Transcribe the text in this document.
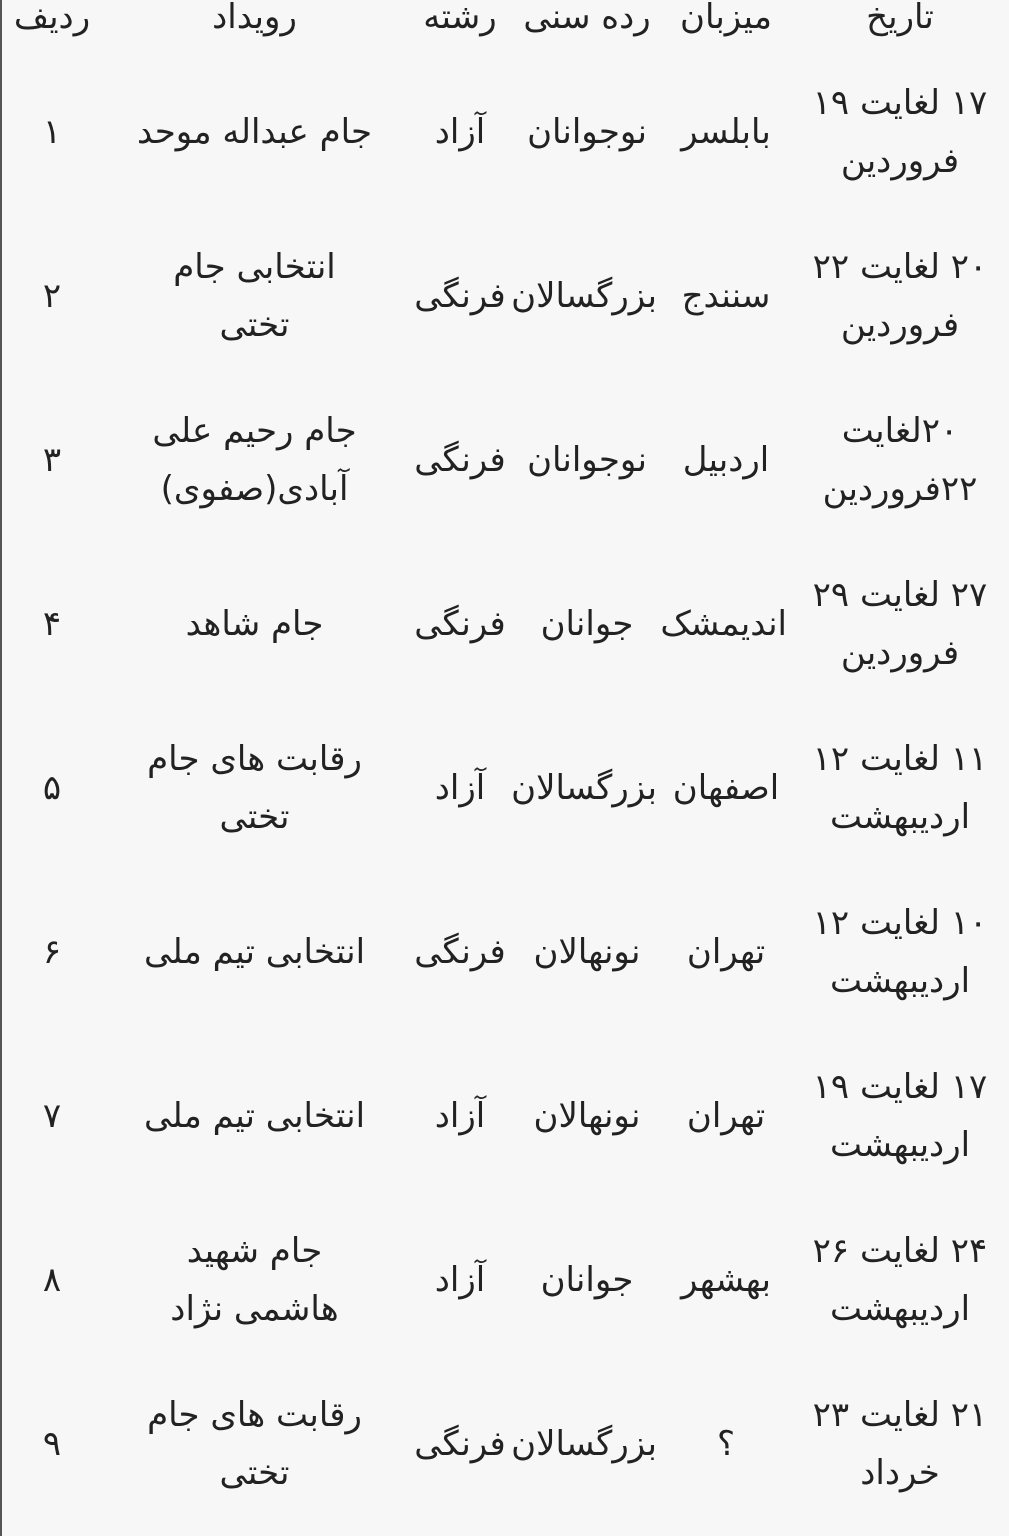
تاریخ	میزبان	رده سنی	رشته	رویداد	ردیف
۱۷ لغایت ۱۹ فروردین	بابلسر	نوجوانان	آزاد	جام عبداله موحد	۱
۲۰ لغایت ۲۲ فروردین	سنندج	بزرگسالان	فرنگی	انتخابی جام تختی	۲
۲۰لغایت ۲۲فروردین	اردبیل	نوجوانان	فرنگی	جام رحیم علی آبادی(صفوی)	۳
۲۷ لغایت ۲۹ فروردین	اندیمشک	جوانان	فرنگی	جام شاهد	۴
۱۱ لغایت ۱۲ اردیبهشت	اصفهان	بزرگسالان	آزاد	رقابت های جام تختی	۵
۱۰ لغایت ۱۲ اردیبهشت	تهران	نونهالان	فرنگی	انتخابی تیم ملی	۶
۱۷ لغایت ۱۹ اردیبهشت	تهران	نونهالان	آزاد	انتخابی تیم ملی	۷
۲۴ لغایت ۲۶ اردیبهشت	بهشهر	جوانان	آزاد	جام شهید هاشمی نژاد	۸
۲۱ لغایت ۲۳ خرداد	؟	بزرگسالان	فرنگی	رقابت های جام تختی	۹
